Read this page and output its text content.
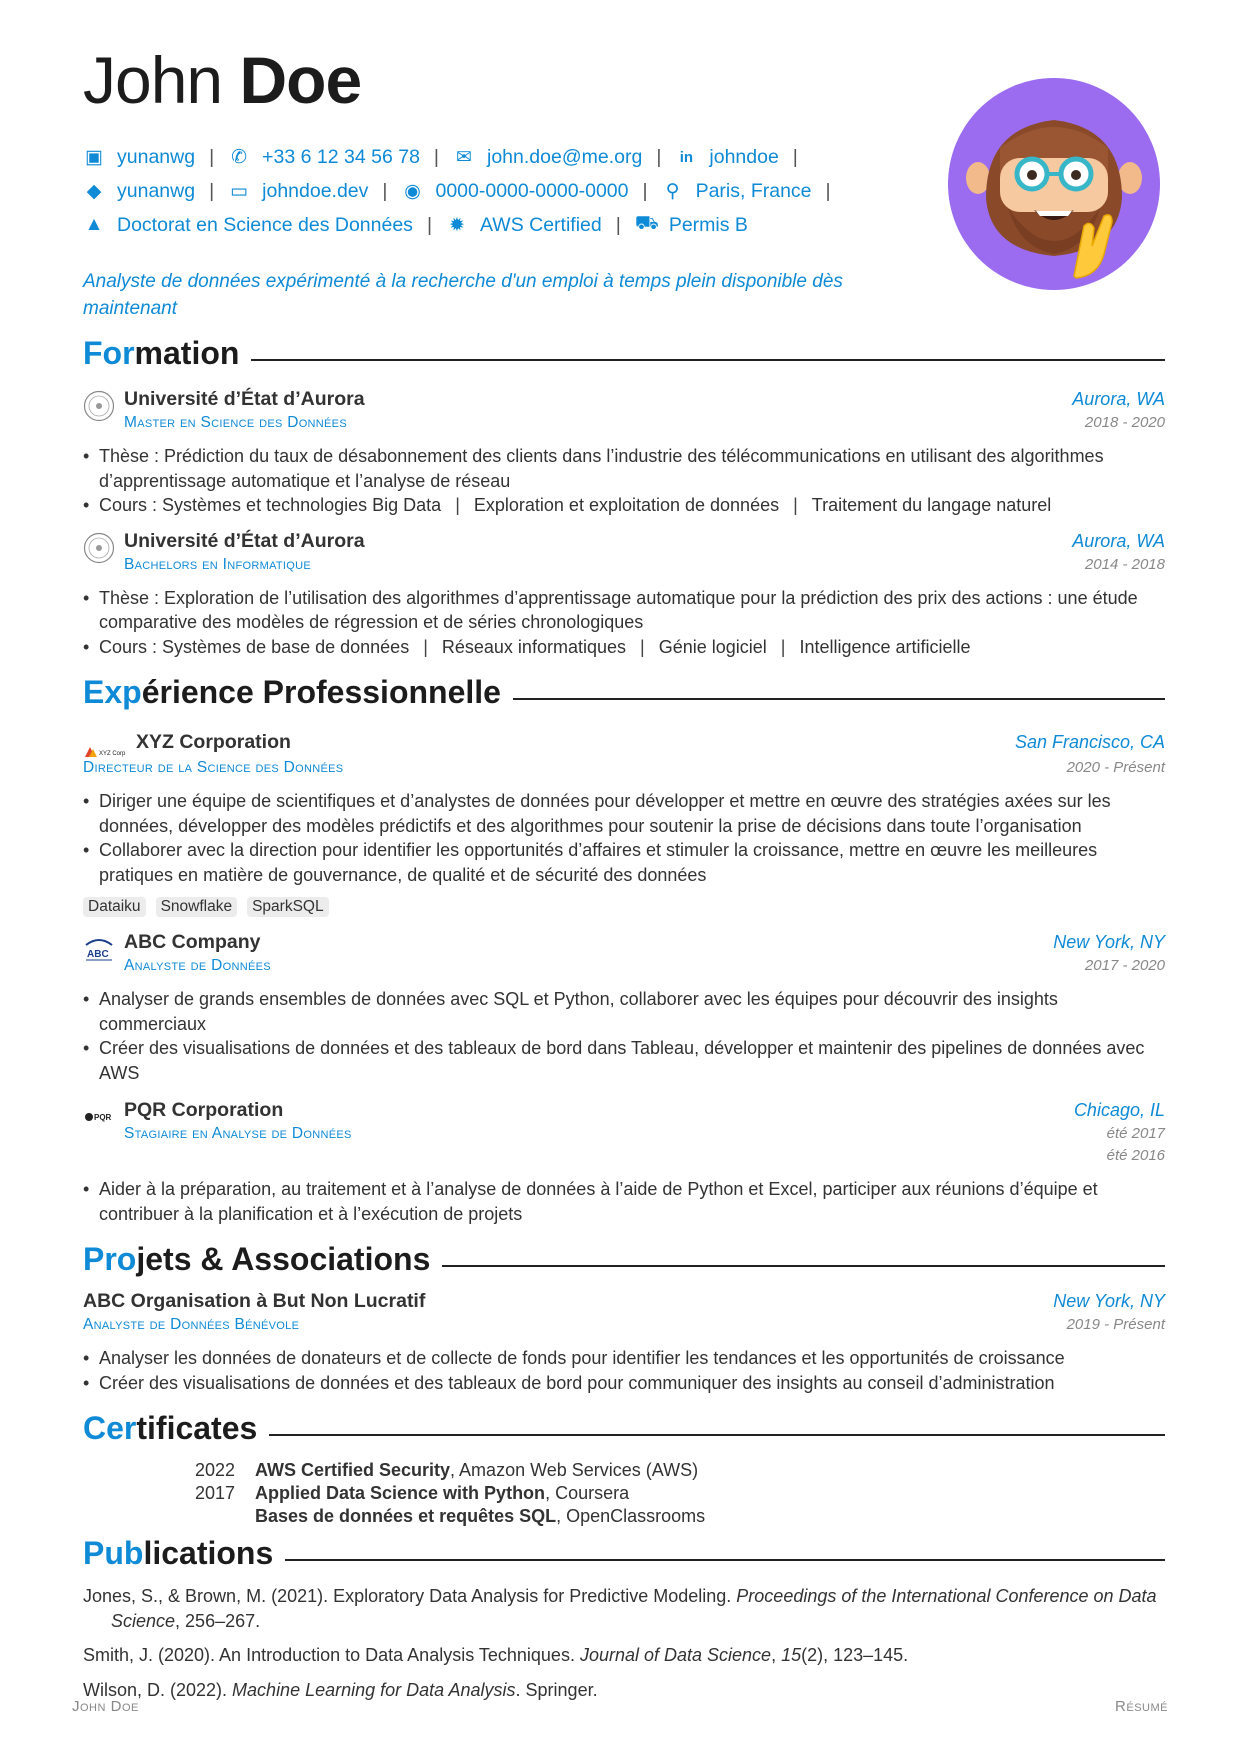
John Doe
▣ yunanwg | ✆ +33 6 12 34 56 78 | ✉ john.doe@me.org | in johndoe |
◆ yunanwg | ▭ johndoe.dev | ◉ 0000-0000-0000-0000 | ⚲ Paris, France |
▲ Doctorat en Science des Données | ✹ AWS Certified | ⛟ Permis B
Analyste de données expérimenté à la recherche d'un emploi à temps plein disponible dès maintenant
Formation
Université d’État d’Aurora
Master en Science des Données
Aurora, WA
2018 - 2020
• Thèse : Prédiction du taux de désabonnement des clients dans l’industrie des télécommunications en utilisant des algorithmes d’apprentissage automatique et l’analyse de réseau
• Cours : Systèmes et technologies Big Data | Exploration et exploitation de données | Traitement du langage naturel
Université d’État d’Aurora
Bachelors en Informatique
Aurora, WA
2014 - 2018
• Thèse : Exploration de l’utilisation des algorithmes d’apprentissage automatique pour la prédiction des prix des actions : une étude comparative des modèles de régression et de séries chronologiques
• Cours : Systèmes de base de données | Réseaux informatiques | Génie logiciel | Intelligence artificielle
Expérience Professionnelle
XYZ Corp
XYZ Corporation
Directeur de la Science des Données
San Francisco, CA
2020 - Présent
• Diriger une équipe de scientifiques et d’analystes de données pour développer et mettre en œuvre des stratégies axées sur les données, développer des modèles prédictifs et des algorithmes pour soutenir la prise de décisions dans toute l’organisation
• Collaborer avec la direction pour identifier les opportunités d’affaires et stimuler la croissance, mettre en œuvre les meilleures pratiques en matière de gouvernance, de qualité et de sécurité des données
Dataiku	Snowflake	SparkSQL
ABC
ABC Company
Analyste de Données
New York, NY
2017 - 2020
• Analyser de grands ensembles de données avec SQL et Python, collaborer avec les équipes pour découvrir des insights commerciaux
• Créer des visualisations de données et des tableaux de bord dans Tableau, développer et maintenir des pipelines de données avec AWS
PQR PQR Corporation
Stagiaire en Analyse de Données
Chicago, IL
été 2017
été 2016
• Aider à la préparation, au traitement et à l’analyse de données à l’aide de Python et Excel, participer aux réunions d’équipe et contribuer à la planification et à l’exécution de projets
Projets & Associations
ABC Organisation à But Non Lucratif
Analyste de Données Bénévole
New York, NY
2019 - Présent
• Analyser les données de donateurs et de collecte de fonds pour identifier les tendances et les opportunités de croissance
• Créer des visualisations de données et des tableaux de bord pour communiquer des insights au conseil d’administration
Certificates
2022	AWS Certified Security, Amazon Web Services (AWS)
2017	Applied Data Science with Python, Coursera
Bases de données et requêtes SQL, OpenClassrooms
Publications
Jones, S., & Brown, M. (2021). Exploratory Data Analysis for Predictive Modeling. Proceedings of the International Conference on Data Science, 256–267.
Smith, J. (2020). An Introduction to Data Analysis Techniques. Journal of Data Science, 15(2), 123–145.
Wilson, D. (2022). Machine Learning for Data Analysis. Springer.
John Doe	Résumé
